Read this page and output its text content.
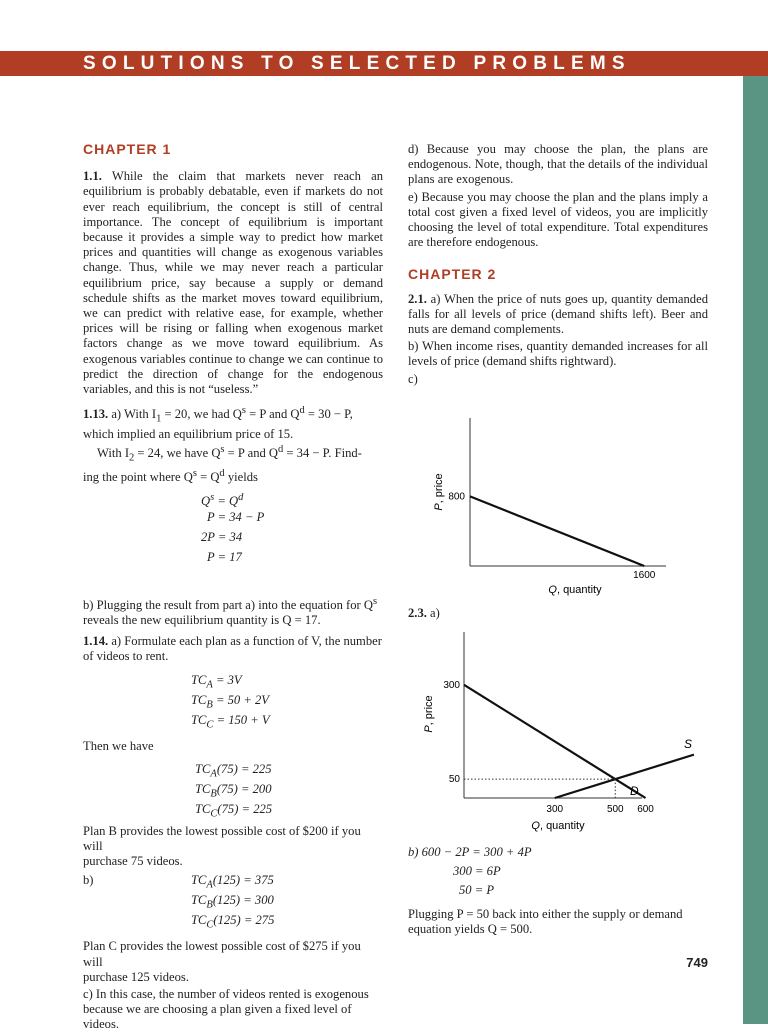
SOLUTIONS TO SELECTED PROBLEMS
CHAPTER 1

1.1. While the claim that markets never reach an equilibrium is probably debatable, even if markets do not ever reach equilibrium, the concept is still of central importance. The concept of equilibrium is important because it provides a simple way to predict how market prices and quantities will change as exogenous variables change. Thus, while we may never reach a particular equilibrium price, say because a supply or demand schedule shifts as the market moves toward equilibrium, we can predict with relative ease, for example, whether prices will be rising or falling when exogenous market factors change as we move toward equilibrium. As exogenous variables continue to change we can continue to predict the direction of change for the endogenous variables, and this is not “useless.”

1.13. a) With $I_1 = 20$, we had $Q^s = P$ and $Q^d = 30 - P$,
which implied an equilibrium price of 15.

With $I_2 = 24$, we have $Q^s = P$ and $Q^d = 34 - P$. Find-

ing the point where $Q^s = Q^d$ yields

$Q^s = Q^d$
P = 34 − P
2P = 34
P = 17

b) Plugging the result from part a) into the equation for $Q^s$
reveals the new equilibrium quantity is Q = 17.

1.14. a) Formulate each plan as a function of V, the number
of videos to rent.

$TC_A = 3V$
$TC_B = 50 + 2V$
$TC_C = 150 + V$

Then we have

$TC_A(75) = 225$
$TC_B(75) = 200$
$TC_C(75) = 225$

Plan B provides the lowest possible cost of $200 if you will
purchase 75 videos.

b)	$TC_A(125) = 375$
$TC_B(125) = 300$
$TC_C(125) = 275$

Plan C provides the lowest possible cost of $275 if you will
purchase 125 videos.

c) In this case, the number of videos rented is exogenous
because we are choosing a plan given a fixed level of videos.

d) Because you may choose the plan, the plans are endogenous. Note, though, that the details of the individual plans are exogenous.

e) Because you may choose the plan and the plans imply a total cost given a fixed level of videos, you are implicitly choosing the level of total expenditure. Total expenditures are therefore endogenous.

CHAPTER 2

2.1. a) When the price of nuts goes up, quantity demanded falls for all levels of price (demand shifts left). Beer and nuts are demand complements.

b) When income rises, quantity demanded increases for all levels of price (demand shifts rightward).

c)

800
1600
P, price
Q, quantity
2.3. a)
300
50
300	500 600
S
D
P, price
Q, quantity
b) 600 − 2P = 300 + 4P
300 = 6P
50 = P
Plugging P = 50 back into either the supply or demand
equation yields Q = 500.
749
